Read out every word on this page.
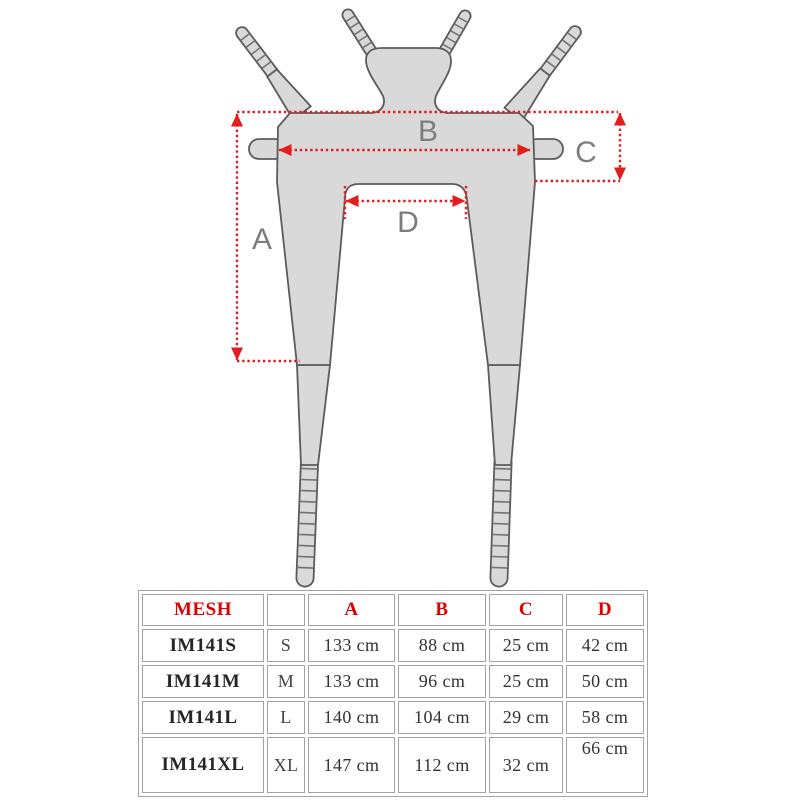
A
B
C
D
MESH		A	B	C	D
IM141S	S	133 cm	88 cm	25 cm	42 cm
IM141M	M	133 cm	96 cm	25 cm	50 cm
IM141L	L	140 cm	104 cm	29 cm	58 cm
IM141XL	XL	147 cm	112 cm	32 cm	66 cm
